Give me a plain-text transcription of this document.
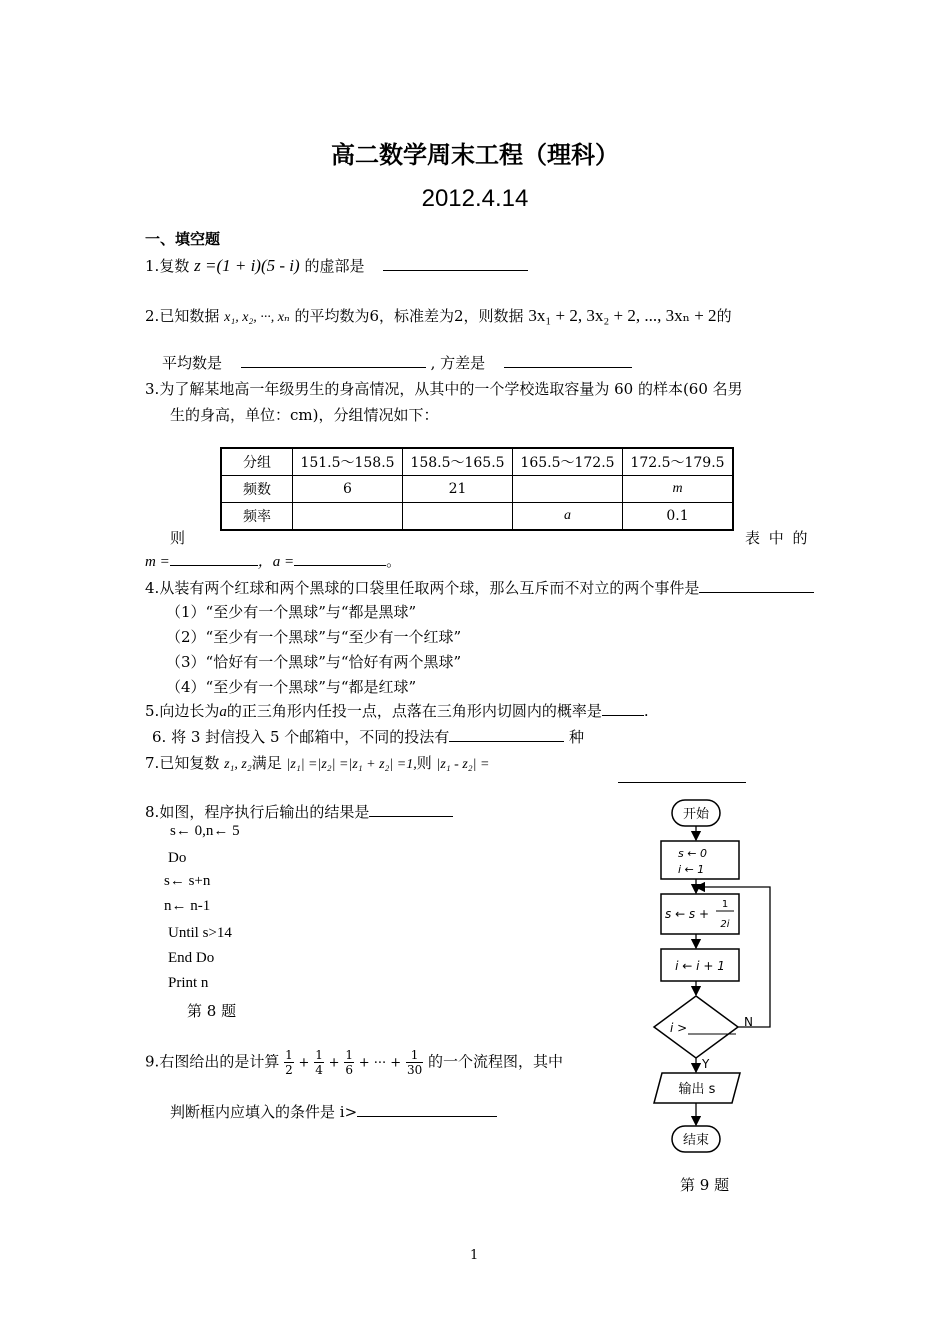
高二数学周末工程（理科）
2012.4.14
一、填空题
1.复数 z =(1 + i)(5 - i) 的虚部是
2.已知数据 x₁, x₂, ···, xₙ 的平均数为6，标准差为2，则数据 3x₁ + 2, 3x₂ + 2, ..., 3xₙ + 2的
平均数是	, 方差是
3.为了解某地高一年级男生的身高情况，从其中的一个学校选取容量为 60 的样本(60 名男
生的身高，单位：cm)，分组情况如下：
分组	151.5～158.5	158.5～165.5	165.5～172.5	172.5～179.5
频数	6	21		m
频率			a	0.1
则	表 中 的
m =	，a =	。
4.从装有两个红球和两个黑球的口袋里任取两个球，那么互斥而不对立的两个事件是
（1）“至少有一个黑球”与“都是黑球”
（2）“至少有一个黑球”与“至少有一个红球”
（3）“恰好有一个黑球”与“恰好有两个黑球”
（4）“至少有一个黑球”与“都是红球”
5.向边长为a的正三角形内任投一点，点落在三角形内切圆内的概率是	.
6. 将 3 封信投入 5 个邮箱中，不同的投法有	种
7.已知复数 z₁, z₂满足 |z₁| =|z₂| =|z₁ + z₂| =1,则 |z₁ - z₂| =
8.如图，程序执行后输出的结果是
s← 0,n← 5
Do
s← s+n
n← n-1
Until s>14
End Do
Print n
第 8 题
9.右图给出的是计算 $\frac{1}{2} + \frac{1}{4} + \frac{1}{6}$ + ··· + $\frac{1}{30}$ 的一个流程图，其中
判断框内应填入的条件是 i>
开始
s ← 0
i ← 1
s ← s +
1
2i
i ← i + 1
i >	N
Y
输出 s
结束
第 9 题
1
